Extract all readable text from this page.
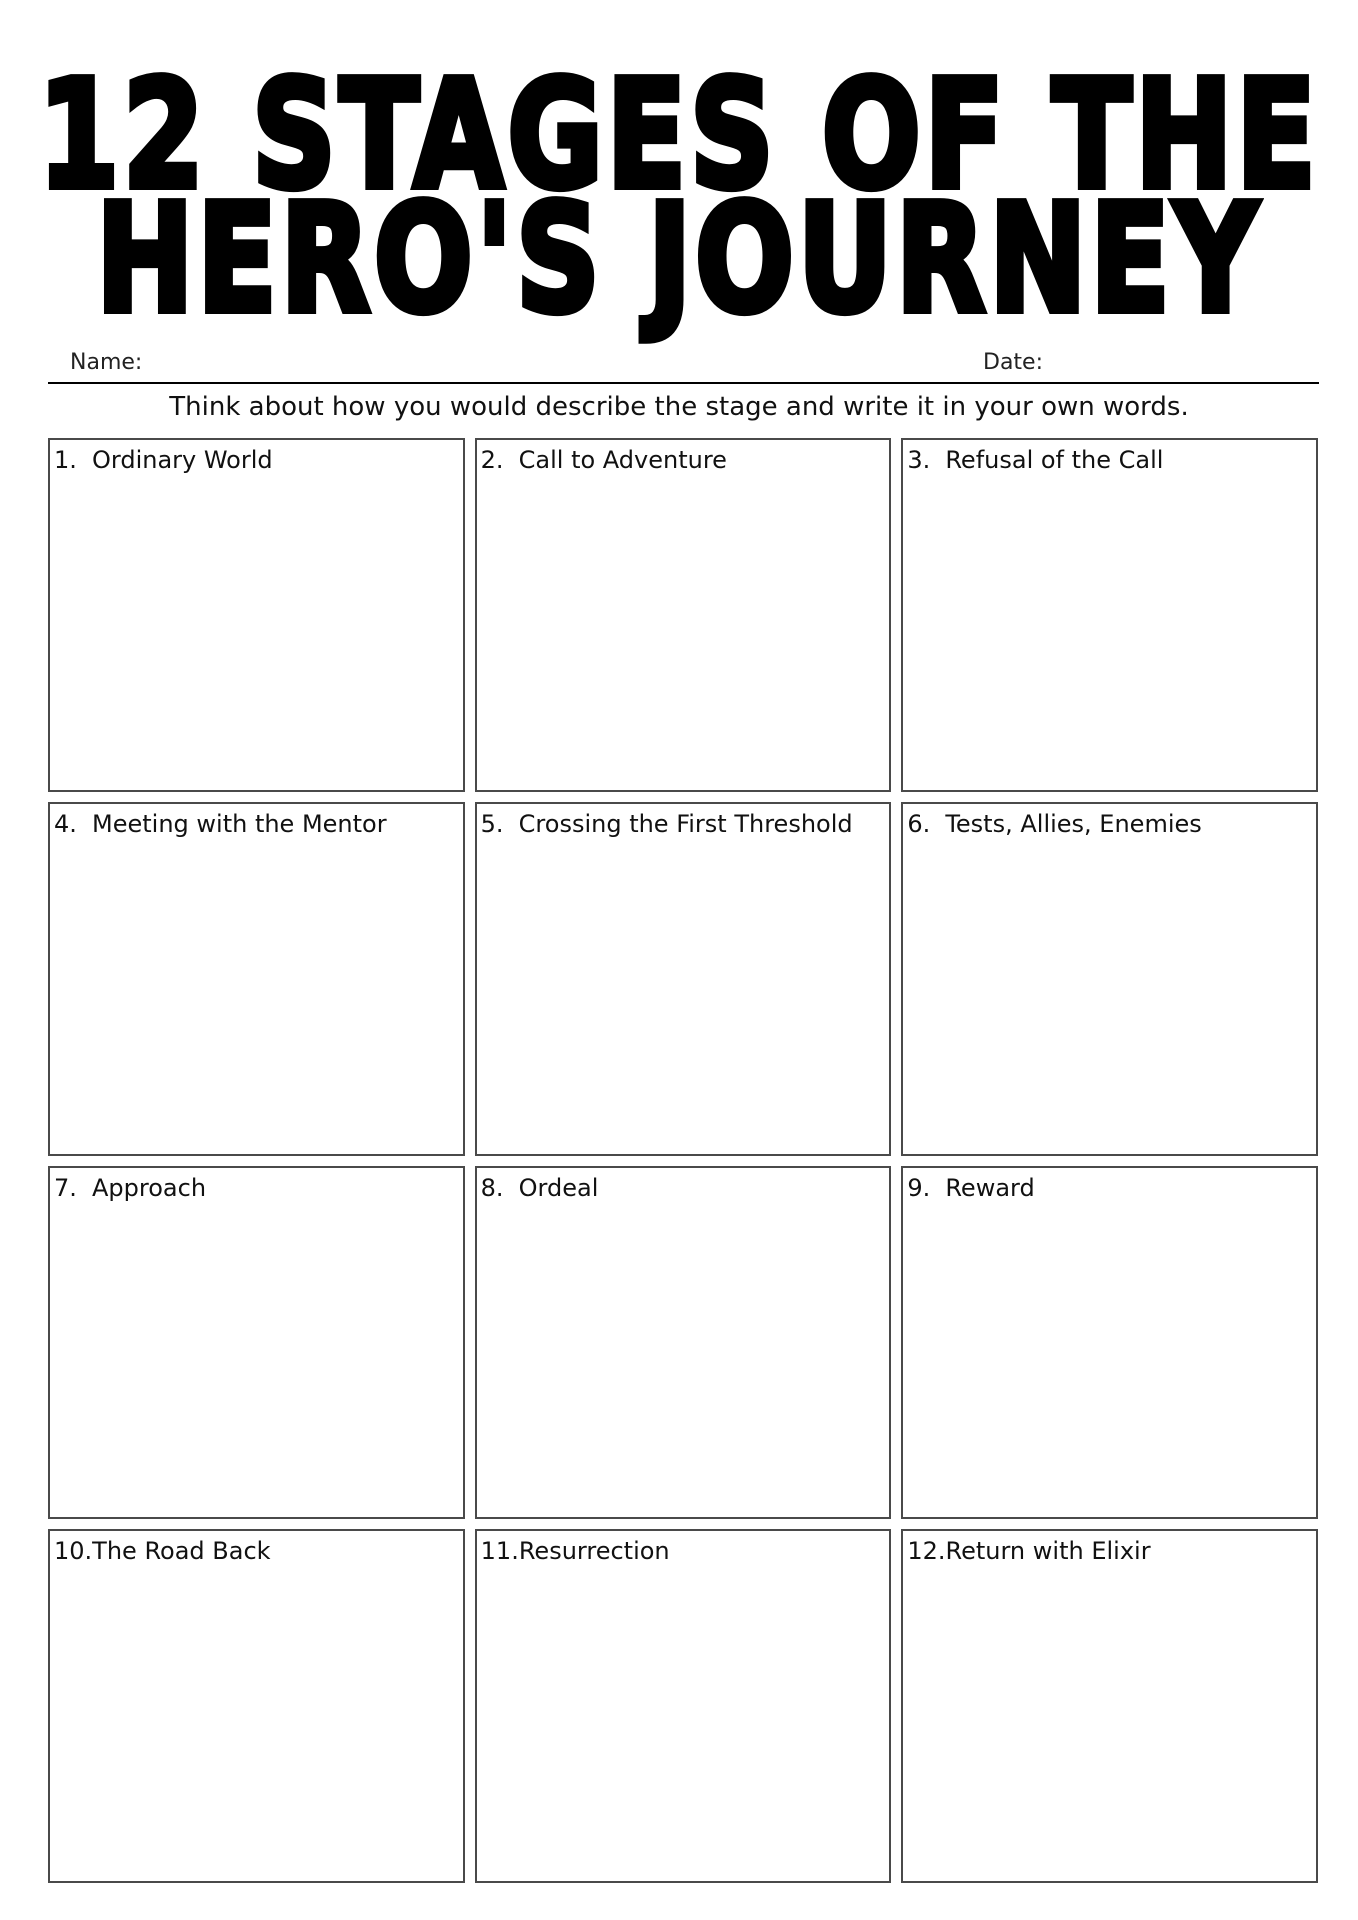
12 STAGES OF THE
HERO'S JOURNEY
Name:	Date:
Think about how you would describe the stage and write it in your own words.
1. Ordinary World	2. Call to Adventure	3. Refusal of the Call
4. Meeting with the Mentor	5. Crossing the First Threshold 6. Tests, Allies, Enemies
7. Approach	8. Ordeal	9. Reward
10.The Road Back	11.Resurrection	12.Return with Elixir
